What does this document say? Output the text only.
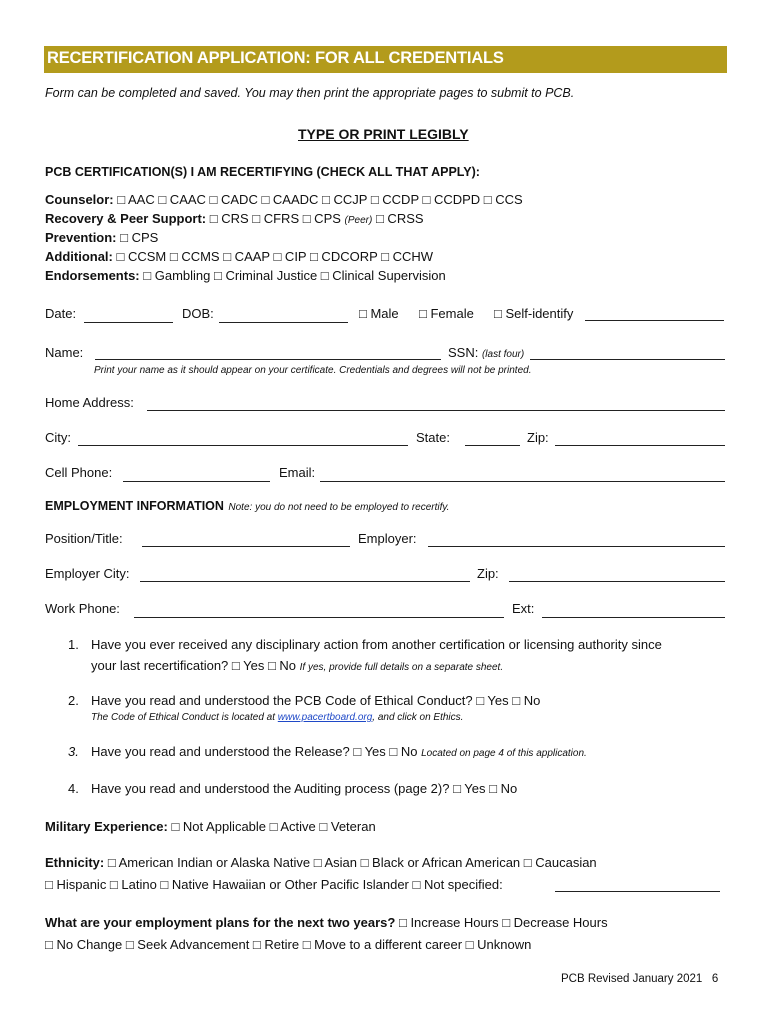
RECERTIFICATION APPLICATION: FOR ALL CREDENTIALS
Form can be completed and saved. You may then print the appropriate pages to submit to PCB.
TYPE OR PRINT LEGIBLY
PCB CERTIFICATION(S) I AM RECERTIFYING (CHECK ALL THAT APPLY):
Counselor: □ AAC □ CAAC □ CADC □ CAADC □ CCJP □ CCDP □ CCDPD □ CCS
Recovery & Peer Support: □ CRS □ CFRS □ CPS (Peer) □ CRSS
Prevention: □ CPS
Additional: □ CCSM □ CCMS □ CAAP □ CIP □ CDCORP □ CCHW
Endorsements: □ Gambling □ Criminal Justice □ Clinical Supervision
Date:	DOB:	□ Male □ Female □ Self-identify
Name:	SSN: (last four)
Print your name as it should appear on your certificate. Credentials and degrees will not be printed.
Home Address:
City:	State:	Zip:
Cell Phone:	Email:
EMPLOYMENT INFORMATION Note: you do not need to be employed to recertify.
Position/Title:	Employer:
Employer City:	Zip:
Work Phone:	Ext:
1. Have you ever received any disciplinary action from another certification or licensing authority since
your last recertification? □ Yes □ No If yes, provide full details on a separate sheet.
2. Have you read and understood the PCB Code of Ethical Conduct? □ Yes □ No
The Code of Ethical Conduct is located at www.pacertboard.org, and click on Ethics.
3. Have you read and understood the Release? □ Yes □ No Located on page 4 of this application.
4. Have you read and understood the Auditing process (page 2)? □ Yes □ No
Military Experience: □ Not Applicable □ Active □ Veteran
Ethnicity: □ American Indian or Alaska Native □ Asian □ Black or African American □ Caucasian
□ Hispanic □ Latino □ Native Hawaiian or Other Pacific Islander □ Not specified:
What are your employment plans for the next two years? □ Increase Hours □ Decrease Hours
□ No Change □ Seek Advancement □ Retire □ Move to a different career □ Unknown
PCB Revised January 2021 6
